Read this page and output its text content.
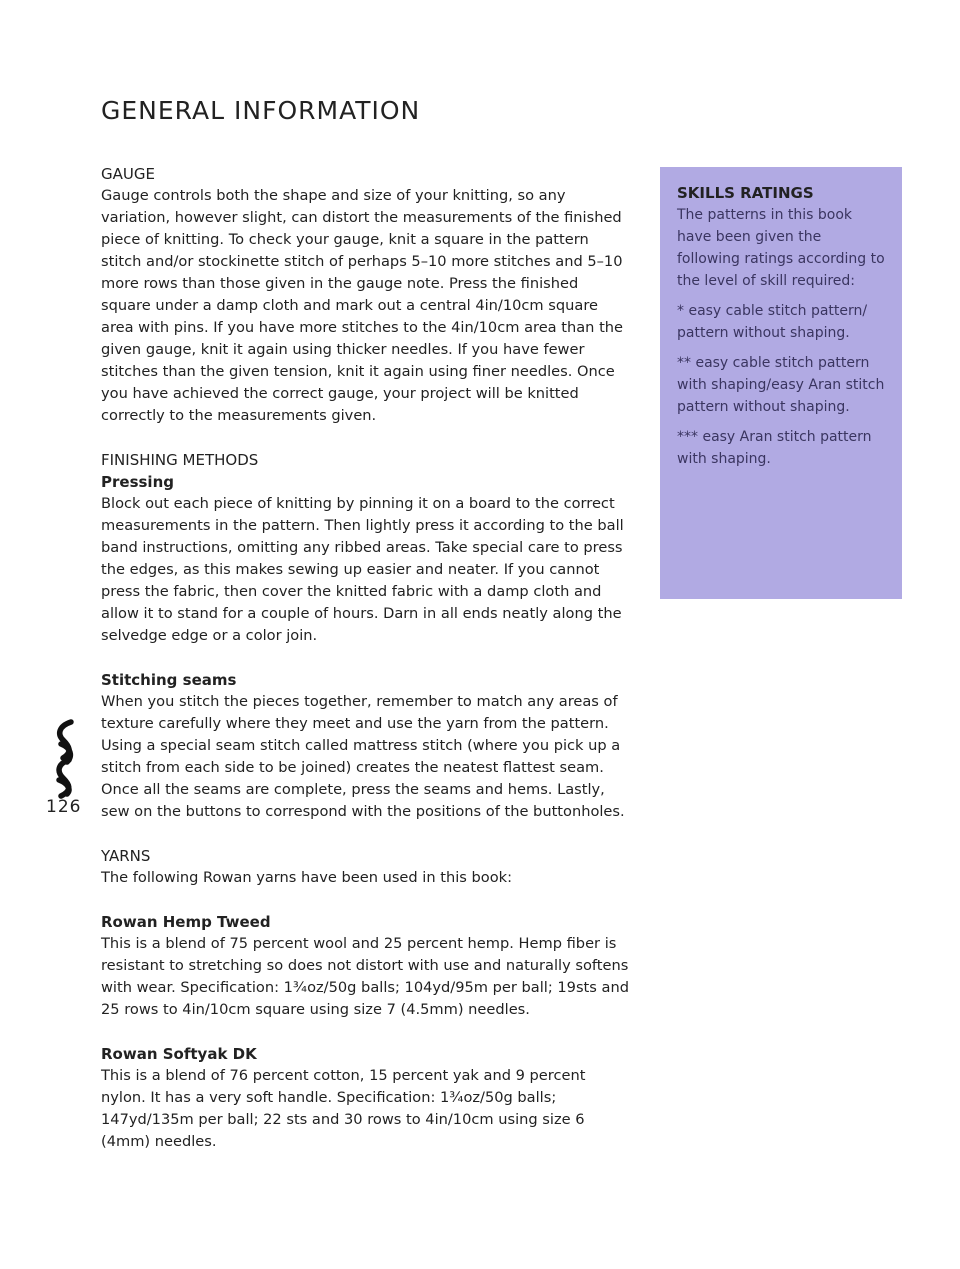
GENERAL INFORMATION
GAUGE

Gauge controls both the shape and size of your knitting, so any variation, however slight, can distort the measurements of the finished piece of knitting. To check your gauge, knit a square in the pattern stitch and/or stockinette stitch of perhaps 5–10 more stitches and 5–10 more rows than those given in the gauge note. Press the finished square under a damp cloth and mark out a central 4in/10cm square area with pins. If you have more stitches to the 4in/10cm area than the given gauge, knit it again using thicker needles. If you have fewer stitches than the given tension, knit it again using finer needles. Once you have achieved the correct gauge, your project will be knitted correctly to the measurements given.

FINISHING METHODS
Pressing

Block out each piece of knitting by pinning it on a board to the correct measurements in the pattern. Then lightly press it according to the ball band instructions, omitting any ribbed areas. Take special care to press the edges, as this makes sewing up easier and neater. If you cannot press the fabric, then cover the knitted fabric with a damp cloth and allow it to stand for a couple of hours. Darn in all ends neatly along the selvedge edge or a color join.

Stitching seams

When you stitch the pieces together, remember to match any areas of texture carefully where they meet and use the yarn from the pattern. Using a special seam stitch called mattress stitch (where you pick up a stitch from each side to be joined) creates the neatest flattest seam. Once all the seams are complete, press the seams and hems. Lastly, sew on the buttons to correspond with the positions of the buttonholes.

YARNS

The following Rowan yarns have been used in this book:

Rowan Hemp Tweed

This is a blend of 75 percent wool and 25 percent hemp. Hemp fiber is resistant to stretching so does not distort with use and naturally softens with wear. Specification: 1¾oz/50g balls; 104yd/95m per ball; 19sts and 25 rows to 4in/10cm square using size 7 (4.5mm) needles.

Rowan Softyak DK

This is a blend of 76 percent cotton, 15 percent yak and 9 percent nylon. It has a very soft handle. Specification: 1¾oz/50g balls; 147yd/135m per ball; 22 sts and 30 rows to 4in/10cm using size 6 (4mm) needles.

SKILLS RATINGS

The patterns in this book have been given the following ratings according to the level of skill required:

* easy cable stitch pattern/ pattern without shaping.

** easy cable stitch pattern with shaping/easy Aran stitch pattern without shaping.

*** easy Aran stitch pattern with shaping.

126
